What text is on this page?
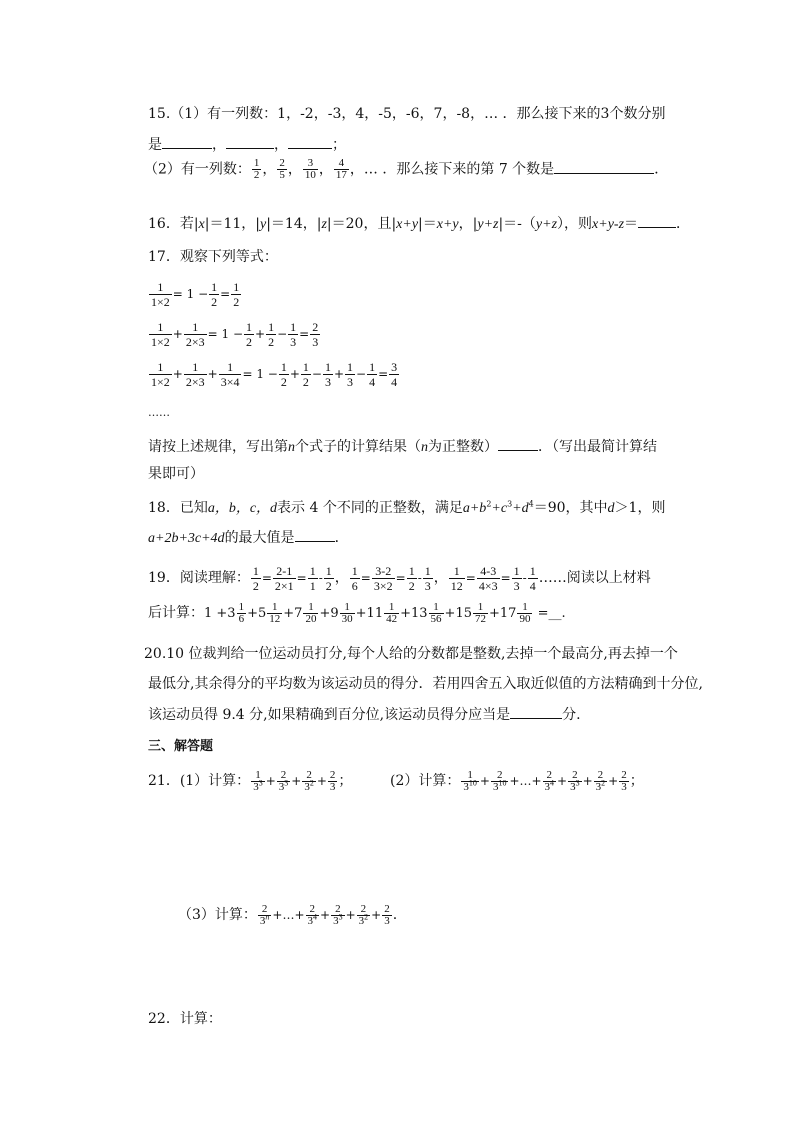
15.（1）有一列数：1，-2，-3，4，-5，-6，7，-8，… ．那么接下来的3个数分别
是	，	，	；
（2）有一列数： $\frac{1}{2}$ ， $\frac{2}{5}$ ， $\frac{3}{10}$ ， $\frac{4}{17}$ ，… ．那么接下来的第 7 个数是	．
16．若|x|＝11，|y|＝14，|z|＝20，且|x+y|＝x+y，|y+z|＝-（y+z），则x+y-z＝	．
17．观察下列等式：
$\frac{1}{1\times 2} = 1 - \frac{1}{2} = \frac{1}{2}$
$\frac{1}{1\times 2} + \frac{1}{2\times 3} = 1 - \frac{1}{2} + \frac{1}{2} - \frac{1}{3} = \frac{2}{3}$
$\frac{1}{1\times 2} + \frac{1}{2\times 3} + \frac{1}{3\times 4} = 1 - \frac{1}{2} + \frac{1}{2} - \frac{1}{3} + \frac{1}{3} - \frac{1}{4} = \frac{3}{4}$
……
请按上述规律，写出第n个式子的计算结果（n为正整数）	．（写出最简计算结
果即可）
18．已知a，b，c，d表示 4 个不同的正整数，满足$a+b^2+c^3+d^4=90$，其中d＞1，则
a+2b+3c+4d的最大值是	．
19．阅读理解： $\frac{1}{2} = \frac{2-1}{2\times 1} = \frac{1}{1} - \frac{1}{2}$ ， $\frac{1}{6} = \frac{3-2}{3\times 2} = \frac{1}{2} - \frac{1}{3}$ ， $\frac{1}{12} = \frac{4-3}{4\times 3} = \frac{1}{3} - \frac{1}{4}$ ……阅读以上材料
后计算：$1 +3 \frac{1}{6} +5 \frac{1}{12} +7 \frac{1}{20} +9 \frac{1}{30} +11 \frac{1}{42} +13 \frac{1}{56} +15 \frac{1}{72} +17 \frac{1}{90}$ =__.
20.10 位裁判给一位运动员打分,每个人给的分数都是整数,去掉一个最高分,再去掉一个
最低分,其余得分的平均数为该运动员的得分．若用四舍五入取近似值的方法精确到十分位,
该运动员得 9.4 分,如果精确到百分位,该运动员得分应当是	分.
三、解答题
21．(1）计算： $\frac{1}{3^3} + \frac{2}{3^3} + \frac{2}{3^2} + \frac{2}{3}$ ；	(2）计算： $\frac{1}{3^{10}} + \frac{2}{3^{10}}$ +…+ $\frac{2}{3^4} + \frac{2}{3^3} + \frac{2}{3^2} + \frac{2}{3}$ ；
（3）计算： $\frac{2}{3^n}$ +…+ $\frac{2}{3^4} + \frac{2}{3^3} + \frac{2}{3^2} + \frac{2}{3}$ .
22．计算：
